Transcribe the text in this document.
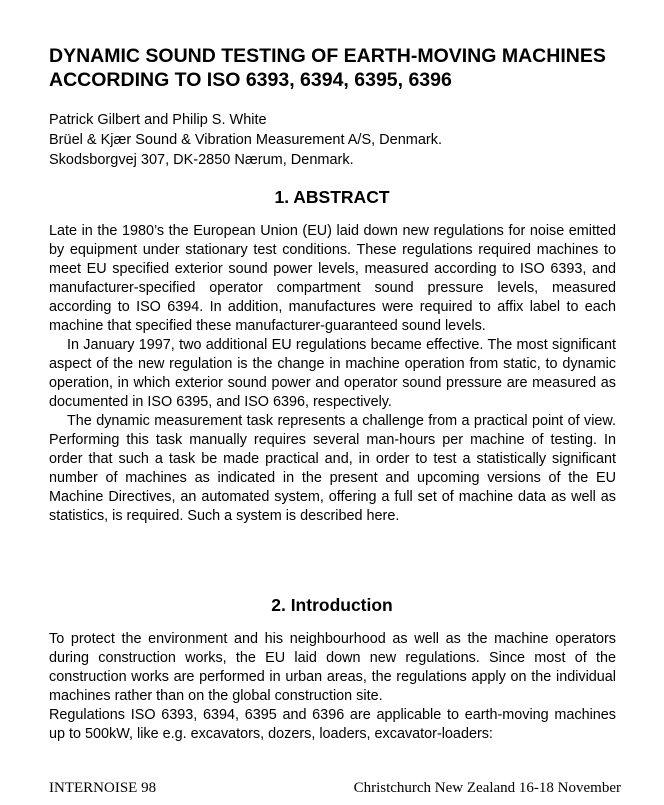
DYNAMIC SOUND TESTING OF EARTH-MOVING MACHINES
ACCORDING TO ISO 6393, 6394, 6395, 6396
Patrick Gilbert and Philip S. White
Brüel & Kjær Sound & Vibration Measurement A/S, Denmark.
Skodsborgvej 307, DK-2850 Nærum, Denmark.
1. ABSTRACT

Late in the 1980’s the European Union (EU) laid down new regulations for noise emitted by equipment under stationary test conditions. These regulations required machines to meet EU specified exterior sound power levels, measured according to ISO 6393, and manufacturer-specified operator compartment sound pressure levels, measured according to ISO 6394. In addition, manufactures were required to affix label to each machine that specified these manufacturer-guaranteed sound levels.

In January 1997, two additional EU regulations became effective. The most significant aspect of the new regulation is the change in machine operation from static, to dynamic operation, in which exterior sound power and operator sound pressure are measured as documented in ISO 6395, and ISO 6396, respectively.

The dynamic measurement task represents a challenge from a practical point of view. Performing this task manually requires several man-hours per machine of testing. In order that such a task be made practical and, in order to test a statistically significant number of machines as indicated in the present and upcoming versions of the EU Machine Directives, an automated system, offering a full set of machine data as well as statistics, is required. Such a system is described here.

2. Introduction

To protect the environment and his neighbourhood as well as the machine operators during construction works, the EU laid down new regulations. Since most of the construction works are performed in urban areas, the regulations apply on the individual machines rather than on the global construction site.

Regulations ISO 6393, 6394, 6395 and 6396 are applicable to earth-moving machines up to 500kW, like e.g. excavators, dozers, loaders, excavator-loaders:

INTERNOISE 98	Christchurch New Zealand 16-18 November
